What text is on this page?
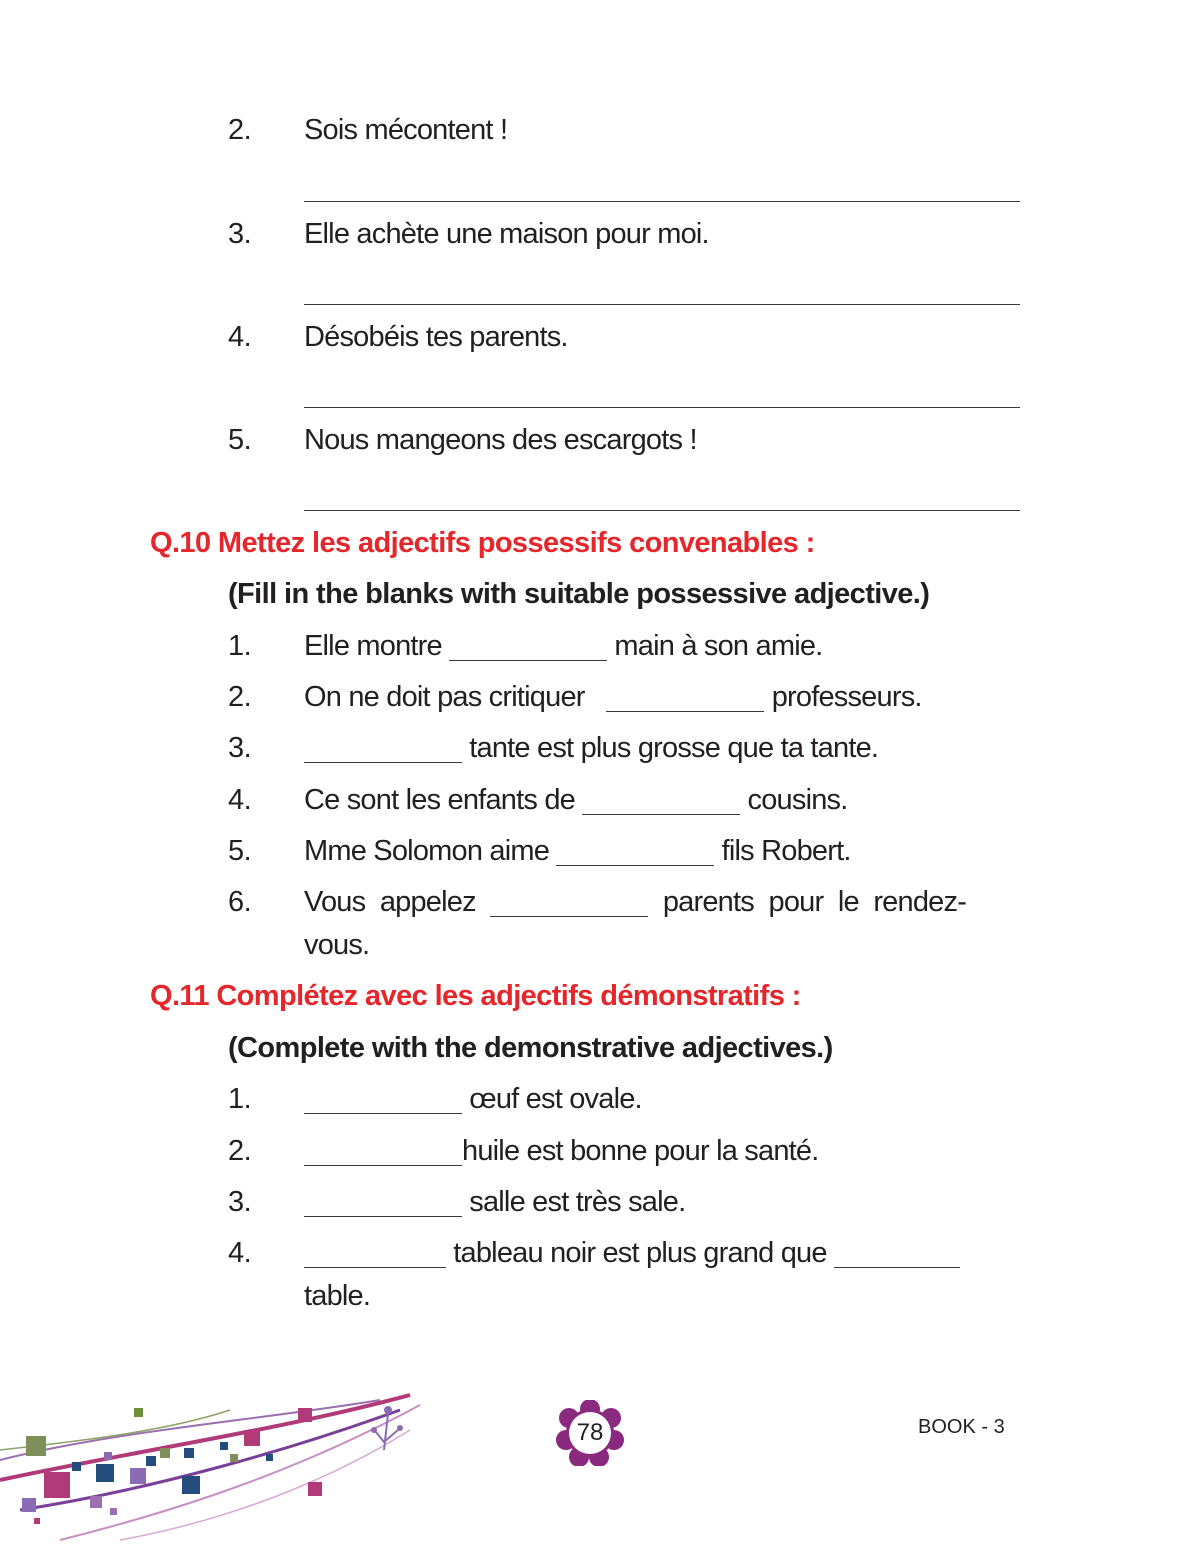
2. Sois mécontent !
3. Elle achète une maison pour moi.
4. Désobéis tes parents.
5. Nous mangeons des escargots !
Q.10 Mettez les adjectifs possessifs convenables :
(Fill in the blanks with suitable possessive adjective.)
1. Elle montre	main à son amie.
2. On ne doit pas critiquer	professeurs.
3.	tante est plus grosse que ta tante.
4. Ce sont les enfants de	cousins.
5. Mme Solomon aime	fils Robert.
6. Vous  appelez	parents  pour  le  rendez-
vous.
Q.11 Complétez avec les adjectifs démonstratifs :
(Complete with the demonstrative adjectives.)
1.	œuf est ovale.
2.	huile est bonne pour la santé.
3.	salle est très sale.
4.	tableau noir est plus grand que
table.
78	BOOK - 3
